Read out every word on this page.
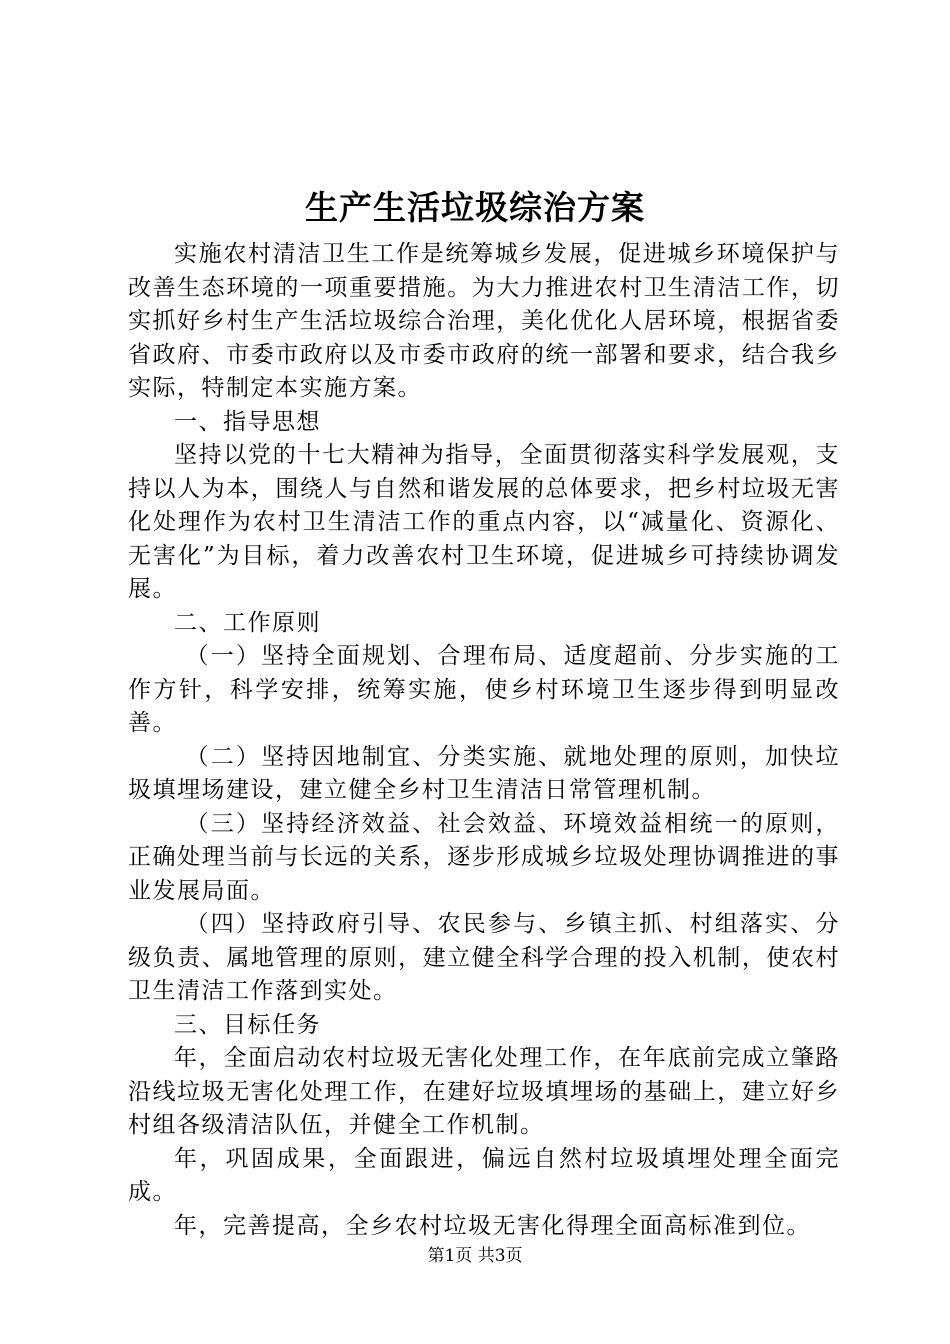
生产生活垃圾综治方案

实施农村清洁卫生工作是统筹城乡发展，促进城乡环境保护与改善生态环境的一项重要措施。为大力推进农村卫生清洁工作，切实抓好乡村生产生活垃圾综合治理，美化优化人居环境，根据省委省政府、市委市政府以及市委市政府的统一部署和要求，结合我乡实际，特制定本实施方案。

一、指导思想

坚持以党的十七大精神为指导，全面贯彻落实科学发展观，支持以人为本，围绕人与自然和谐发展的总体要求，把乡村垃圾无害化处理作为农村卫生清洁工作的重点内容，以“减量化、资源化、无害化”为目标，着力改善农村卫生环境，促进城乡可持续协调发展。

二、工作原则

（一）坚持全面规划、合理布局、适度超前、分步实施的工作方针，科学安排，统筹实施，使乡村环境卫生逐步得到明显改善。

（二）坚持因地制宜、分类实施、就地处理的原则，加快垃圾填埋场建设，建立健全乡村卫生清洁日常管理机制。

（三）坚持经济效益、社会效益、环境效益相统一的原则，正确处理当前与长远的关系，逐步形成城乡垃圾处理协调推进的事业发展局面。

（四）坚持政府引导、农民参与、乡镇主抓、村组落实、分级负责、属地管理的原则，建立健全科学合理的投入机制，使农村卫生清洁工作落到实处。

三、目标任务

年，全面启动农村垃圾无害化处理工作，在年底前完成立肇路沿线垃圾无害化处理工作，在建好垃圾填埋场的基础上，建立好乡村组各级清洁队伍，并健全工作机制。

年，巩固成果，全面跟进，偏远自然村垃圾填埋处理全面完成。

年，完善提高，全乡农村垃圾无害化得理全面高标准到位。

第1页 共3页
